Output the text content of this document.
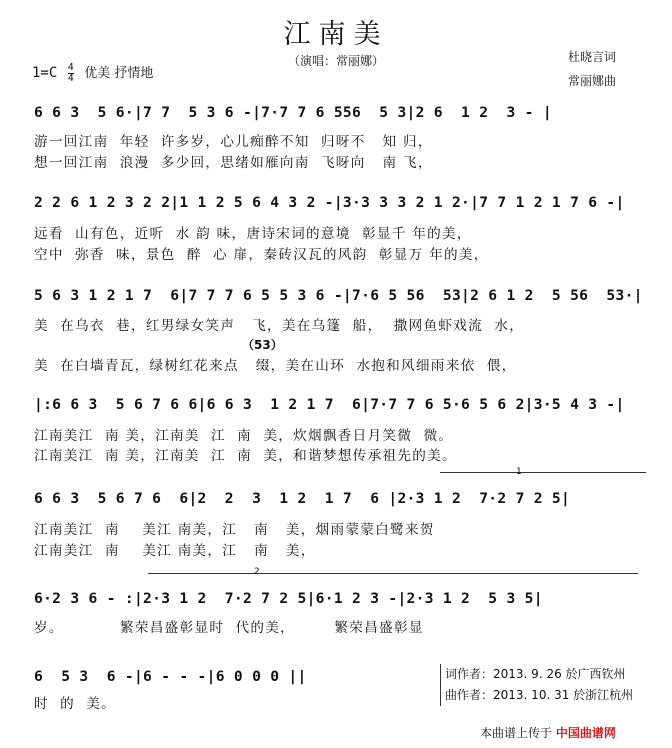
江南美
$1=C \frac{4}{4}$ 优美 抒情地
（演唱：常丽娜）	杜晓言词
常丽娜曲
6 6 3  5 6·|7 7  5 3 6 -|7·7 7 6 556  5 3|2 6  1 2  3 - |
游一回江南  年轻  许多岁，心儿痴醉不知  归呀不   知 归，
想一回江南  浪漫  多少回，思绪如雁向南  飞呀向   南 飞，
2 2 6 1 2 3 2 2|1 1 2 5 6 4 3 2 -|3·3 3 3 2 1 2·|7 7 1 2 1 7 6 -|
远看  山有色，近听  水 韵 味，唐诗宋词的意境  彰显千 年的美，
空中  弥香  味，景色  醉  心 扉，秦砖汉瓦的风韵  彰显万 年的美，
5 6 3 1 2 1 7  6|7 7 7 6 5 5 3 6 -|7·6 5 56  53|2 6 1 2  5 56  53·|
美  在乌衣  巷，红男绿女笑声   飞，美在乌篷  船，  撒网鱼虾戏流  水，
（53）
美  在白墙青瓦，绿树红花来点   缀，美在山环  水抱和风细雨来依  偎，
|:6 6 3  5 6 7 6 6|6 6 3  1 2 1 7  6|7·7 7 6 5·6 5 6 2|3·5 4 3 -|
江南美江  南 美，江南美  江  南  美，炊烟飘香日月笑微  微。
江南美江  南 美，江南美  江  南  美，和谐梦想传承祖先的美。
1
6 6 3  5 6 7 6  6|2  2  3  1 2  1 7  6 |2·3 1 2  7·2 7 2 5|
江南美江  南    美江 南美，江   南   美，烟雨蒙蒙白鹭来贺
江南美江  南    美江 南美，江   南   美，
2
6·2 3 6 - :|2·3 1 2  7·2 7 2 5|6·1 2 3 -|2·3 1 2  5 3 5|
岁。          繁荣昌盛彰显时  代的美，       繁荣昌盛彰显
6  5 3  6 -|6 - - -|6 0 0 0 ||
时  的  美。
词作者：2013. 9. 26 於广西钦州
曲作者：2013. 10. 31 於浙江杭州
本曲谱上传于 中国曲谱网
